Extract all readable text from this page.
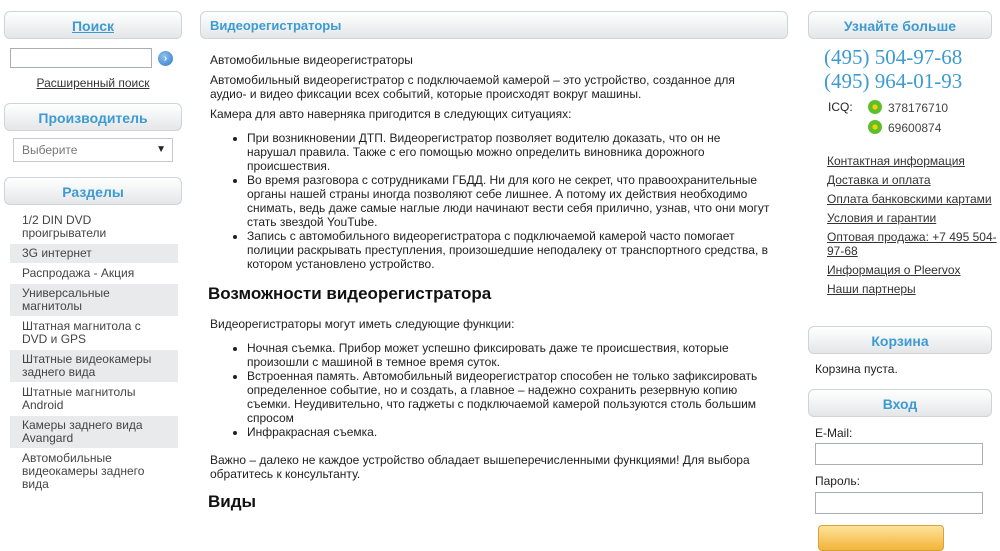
Поиск
›
Расширенный поиск
Производитель
Выберите	▼
Разделы
1/2 DIN DVD проигрыватели
3G интернет
Распродажа - Акция
Универсальные магнитолы
Штатная магнитола с DVD и GPS
Штатные видеокамеры заднего вида
Штатные магнитолы Android
Камеры заднего вида Avangard
Автомобильные видеокамеры заднего вида
Видеорегистраторы

Автомобильные видеорегистраторы

Автомобильный видеорегистратор с подключаемой камерой – это устройство, созданное для аудио- и видео фиксации всех событий, которые происходят вокруг машины.

Камера для авто наверняка пригодится в следующих ситуациях:

• При возникновении ДТП. Видеорегистратор позволяет водителю доказать, что он не нарушал правила. Также с его помощью можно определить виновника дорожного происшествия.
• Во время разговора с сотрудниками ГБДД. Ни для кого не секрет, что правоохранительные органы нашей страны иногда позволяют себе лишнее. А потому их действия необходимо снимать, ведь даже самые наглые люди начинают вести себя прилично, узнав, что они могут стать звездой YouTube.
• Запись с автомобильного видеорегистратора с подключаемой камерой часто помогает полиции раскрывать преступления, произошедшие неподалеку от транспортного средства, в котором установлено устройство.
Возможности видеорегистратора

Видеорегистраторы могут иметь следующие функции:

• Ночная съемка. Прибор может успешно фиксировать даже те происшествия, которые произошли с машиной в темное время суток.
• Встроенная память. Автомобильный видеорегистратор способен не только зафиксировать определенное событие, но и создать, а главное – надежно сохранить резервную копию съемки. Неудивительно, что гаджеты с подключаемой камерой пользуются столь большим спросом
• Инфракрасная съемка.

Важно – далеко не каждое устройство обладает вышеперечисленными функциями! Для выбора обратитесь к консультанту.

Виды
Узнайте больше
(495) 504-97-68
(495) 964-01-93
ICQ:	378176710
69600874
Контактная информация
Доставка и оплата
Оплата банковскими картами
Условия и гарантии
Оптовая продажа: +7 495 504-97-68
Информация о Pleervox
Наши партнеры
Корзина
Корзина пуста.
Вход
E-Mail:
Пароль:
